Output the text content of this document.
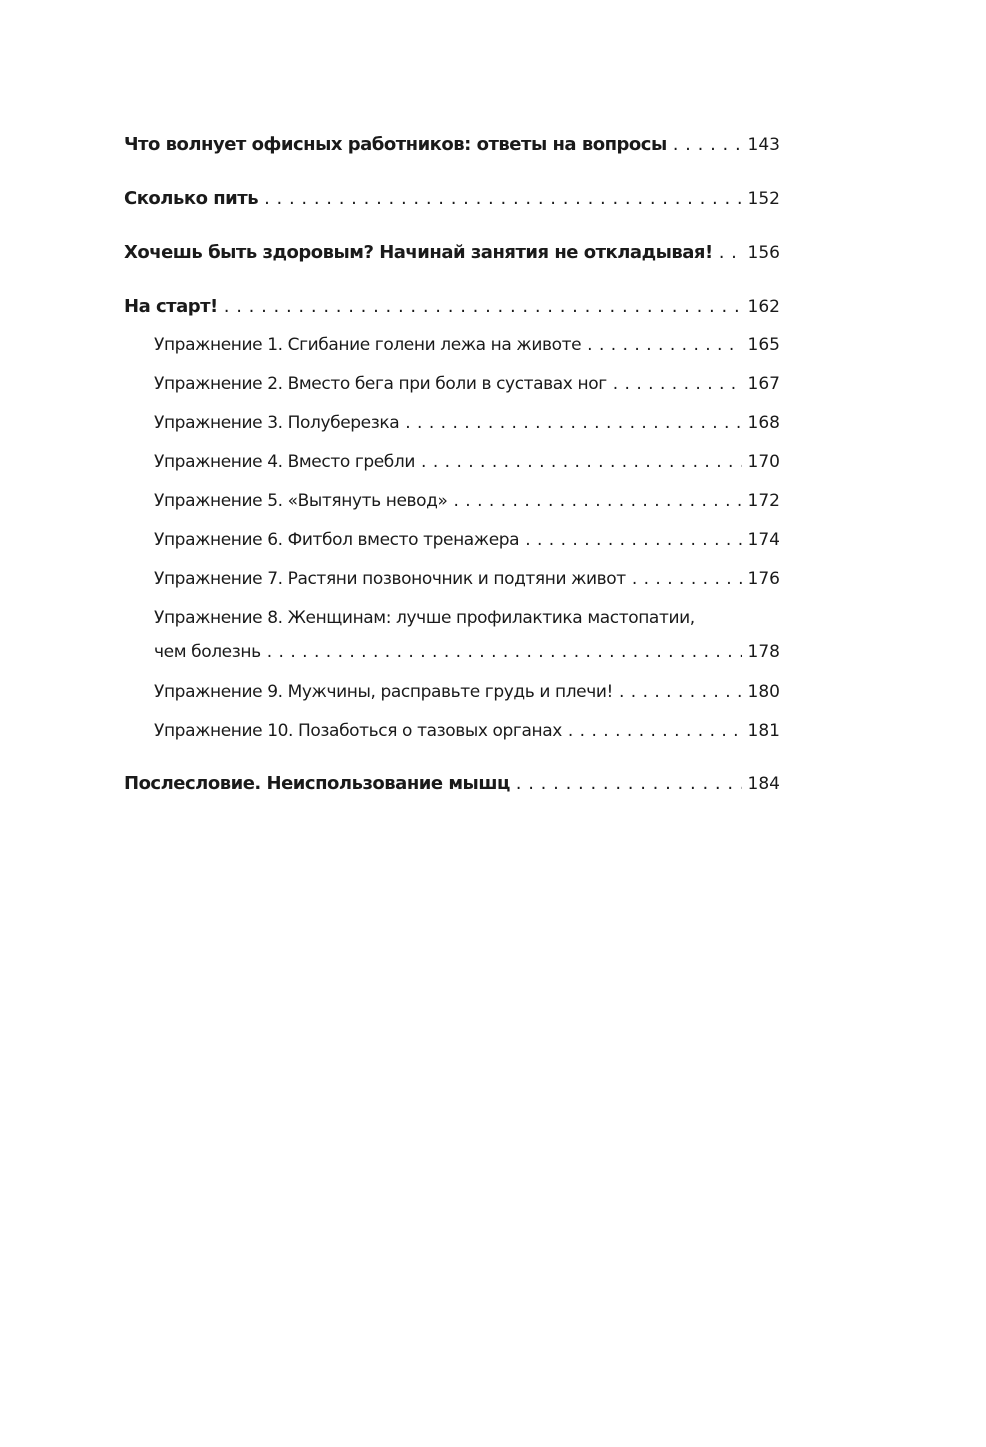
Что волнует офисных работников: ответы на вопросы . . .	143
Сколько пить . . .	152
Хочешь быть здоровым? Начинай занятия не откладывая! . . . 156
На старт! . . .	162
Упражнение 1. Сгибание голени лежа на животе . . .	165
Упражнение 2. Вместо бега при боли в суставах ног . . .	167
Упражнение 3. Полуберезка . . .	168
Упражнение 4. Вместо гребли . . .	170
Упражнение 5. «Вытянуть невод» . . .	172
Упражнение 6. Фитбол вместо тренажера . . .	174
Упражнение 7. Растяни позвоночник и подтяни живот . . .	176
Упражнение 8. Женщинам: лучше профилактика мастопатии,
чем болезнь . . .	178
Упражнение 9. Мужчины, расправьте грудь и плечи! . . .	180
Упражнение 10. Позаботься о тазовых органах . . .	181
Послесловие. Неиспользование мышц . . .	184
